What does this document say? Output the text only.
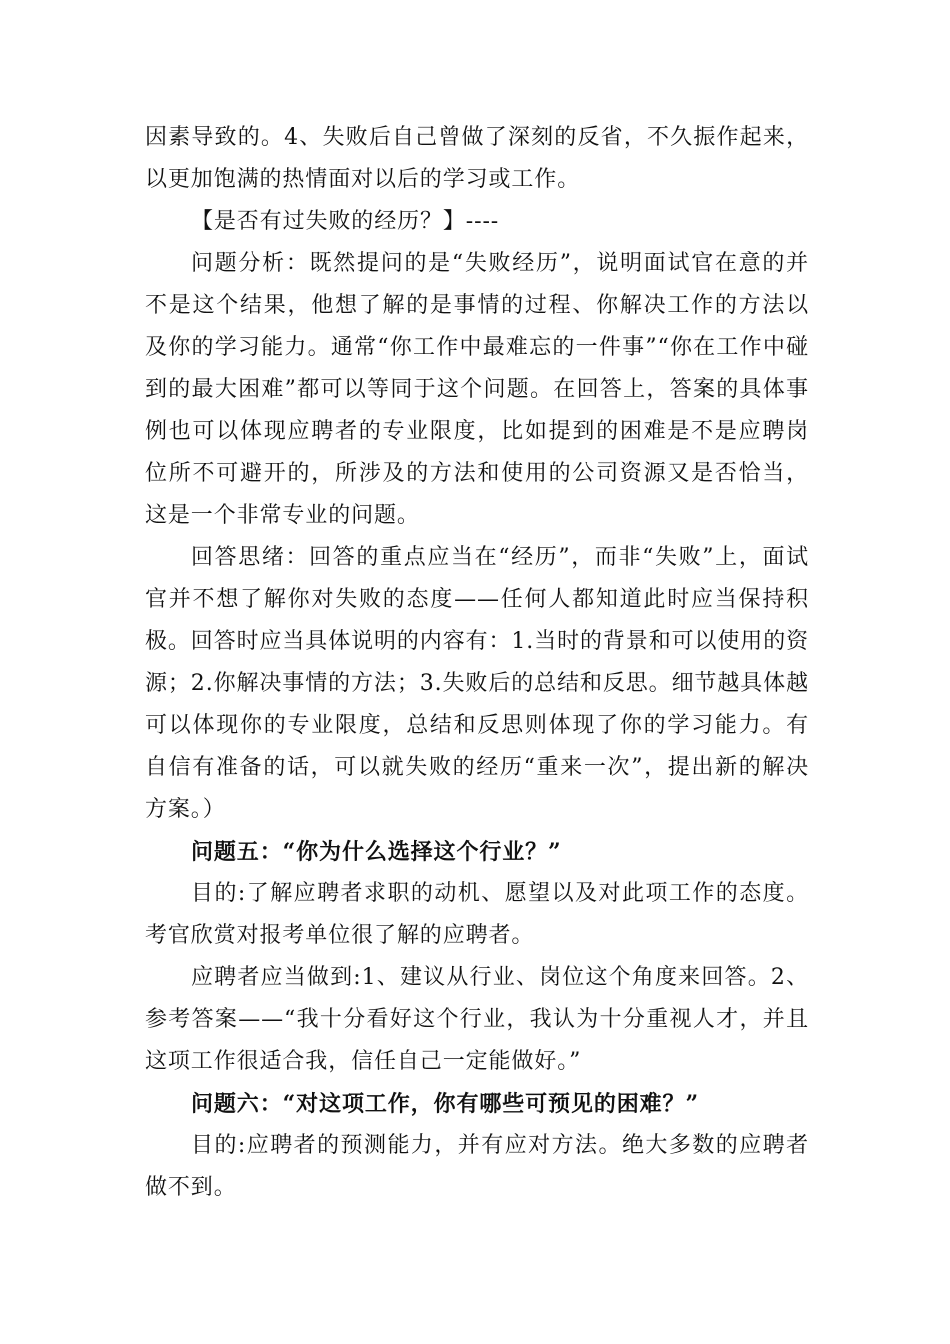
因素导致的。4、失败后自己曾做了深刻的反省，不久振作起来，以更加饱满的热情面对以后的学习或工作。

【是否有过失败的经历？】----

问题分析：既然提问的是“失败经历”，说明面试官在意的并不是这个结果，他想了解的是事情的过程、你解决工作的方法以及你的学习能力。通常“你工作中最难忘的一件事”“你在工作中碰到的最大困难”都可以等同于这个问题。在回答上，答案的具体事例也可以体现应聘者的专业限度，比如提到的困难是不是应聘岗位所不可避开的，所涉及的方法和使用的公司资源又是否恰当，这是一个非常专业的问题。

回答思绪：回答的重点应当在“经历”，而非“失败”上，面试官并不想了解你对失败的态度——任何人都知道此时应当保持积极。回答时应当具体说明的内容有：1.当时的背景和可以使用的资源；2.你解决事情的方法；3.失败后的总结和反思。细节越具体越可以体现你的专业限度，总结和反思则体现了你的学习能力。有自信有准备的话，可以就失败的经历“重来一次”，提出新的解决方案。）

问题五：“你为什么选择这个行业？”

目的:了解应聘者求职的动机、愿望以及对此项工作的态度。考官欣赏对报考单位很了解的应聘者。

应聘者应当做到:1、建议从行业、岗位这个角度来回答。2、参考答案——“我十分看好这个行业，我认为十分重视人才，并且这项工作很适合我，信任自己一定能做好。”

问题六：“对这项工作，你有哪些可预见的困难？”

目的:应聘者的预测能力，并有应对方法。绝大多数的应聘者做不到。
